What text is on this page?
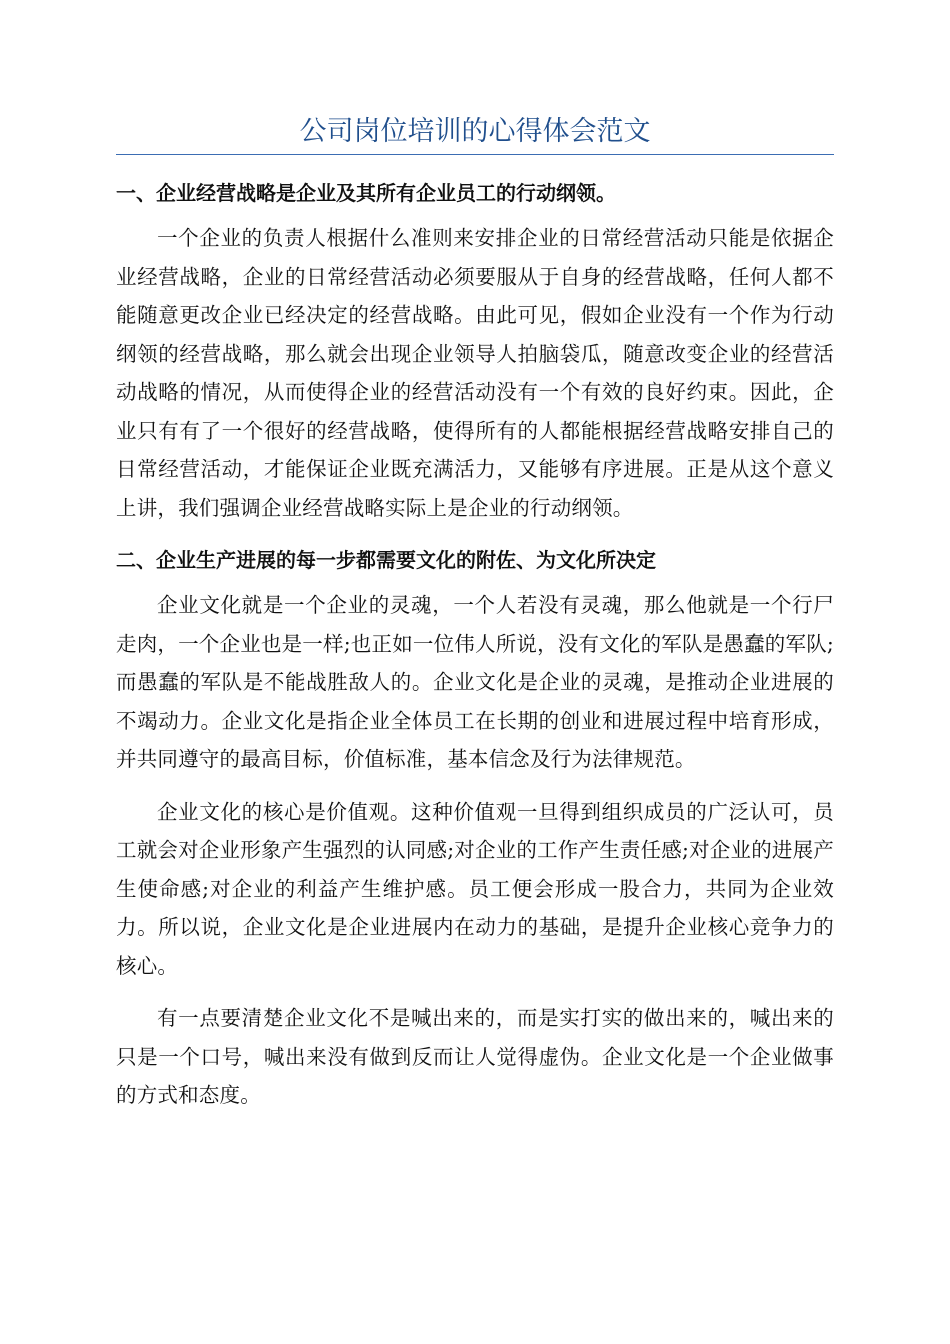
公司岗位培训的心得体会范文
一、企业经营战略是企业及其所有企业员工的行动纲领。

一个企业的负责人根据什么准则来安排企业的日常经营活动只能是依据企业经营战略，企业的日常经营活动必须要服从于自身的经营战略，任何人都不能随意更改企业已经决定的经营战略。由此可见，假如企业没有一个作为行动纲领的经营战略，那么就会出现企业领导人拍脑袋瓜，随意改变企业的经营活动战略的情况，从而使得企业的经营活动没有一个有效的良好约束。因此，企业只有有了一个很好的经营战略，使得所有的人都能根据经营战略安排自己的日常经营活动，才能保证企业既充满活力，又能够有序进展。正是从这个意义上讲，我们强调企业经营战略实际上是企业的行动纲领。

二、企业生产进展的每一步都需要文化的附佐、为文化所决定

企业文化就是一个企业的灵魂，一个人若没有灵魂，那么他就是一个行尸走肉，一个企业也是一样;也正如一位伟人所说，没有文化的军队是愚蠢的军队;而愚蠢的军队是不能战胜敌人的。企业文化是企业的灵魂，是推动企业进展的不竭动力。企业文化是指企业全体员工在长期的创业和进展过程中培育形成，并共同遵守的最高目标，价值标准，基本信念及行为法律规范。

企业文化的核心是价值观。这种价值观一旦得到组织成员的广泛认可，员工就会对企业形象产生强烈的认同感;对企业的工作产生责任感;对企业的进展产生使命感;对企业的利益产生维护感。员工便会形成一股合力，共同为企业效力。所以说，企业文化是企业进展内在动力的基础，是提升企业核心竞争力的核心。

有一点要清楚企业文化不是喊出来的，而是实打实的做出来的，喊出来的只是一个口号，喊出来没有做到反而让人觉得虚伪。企业文化是一个企业做事的方式和态度。
